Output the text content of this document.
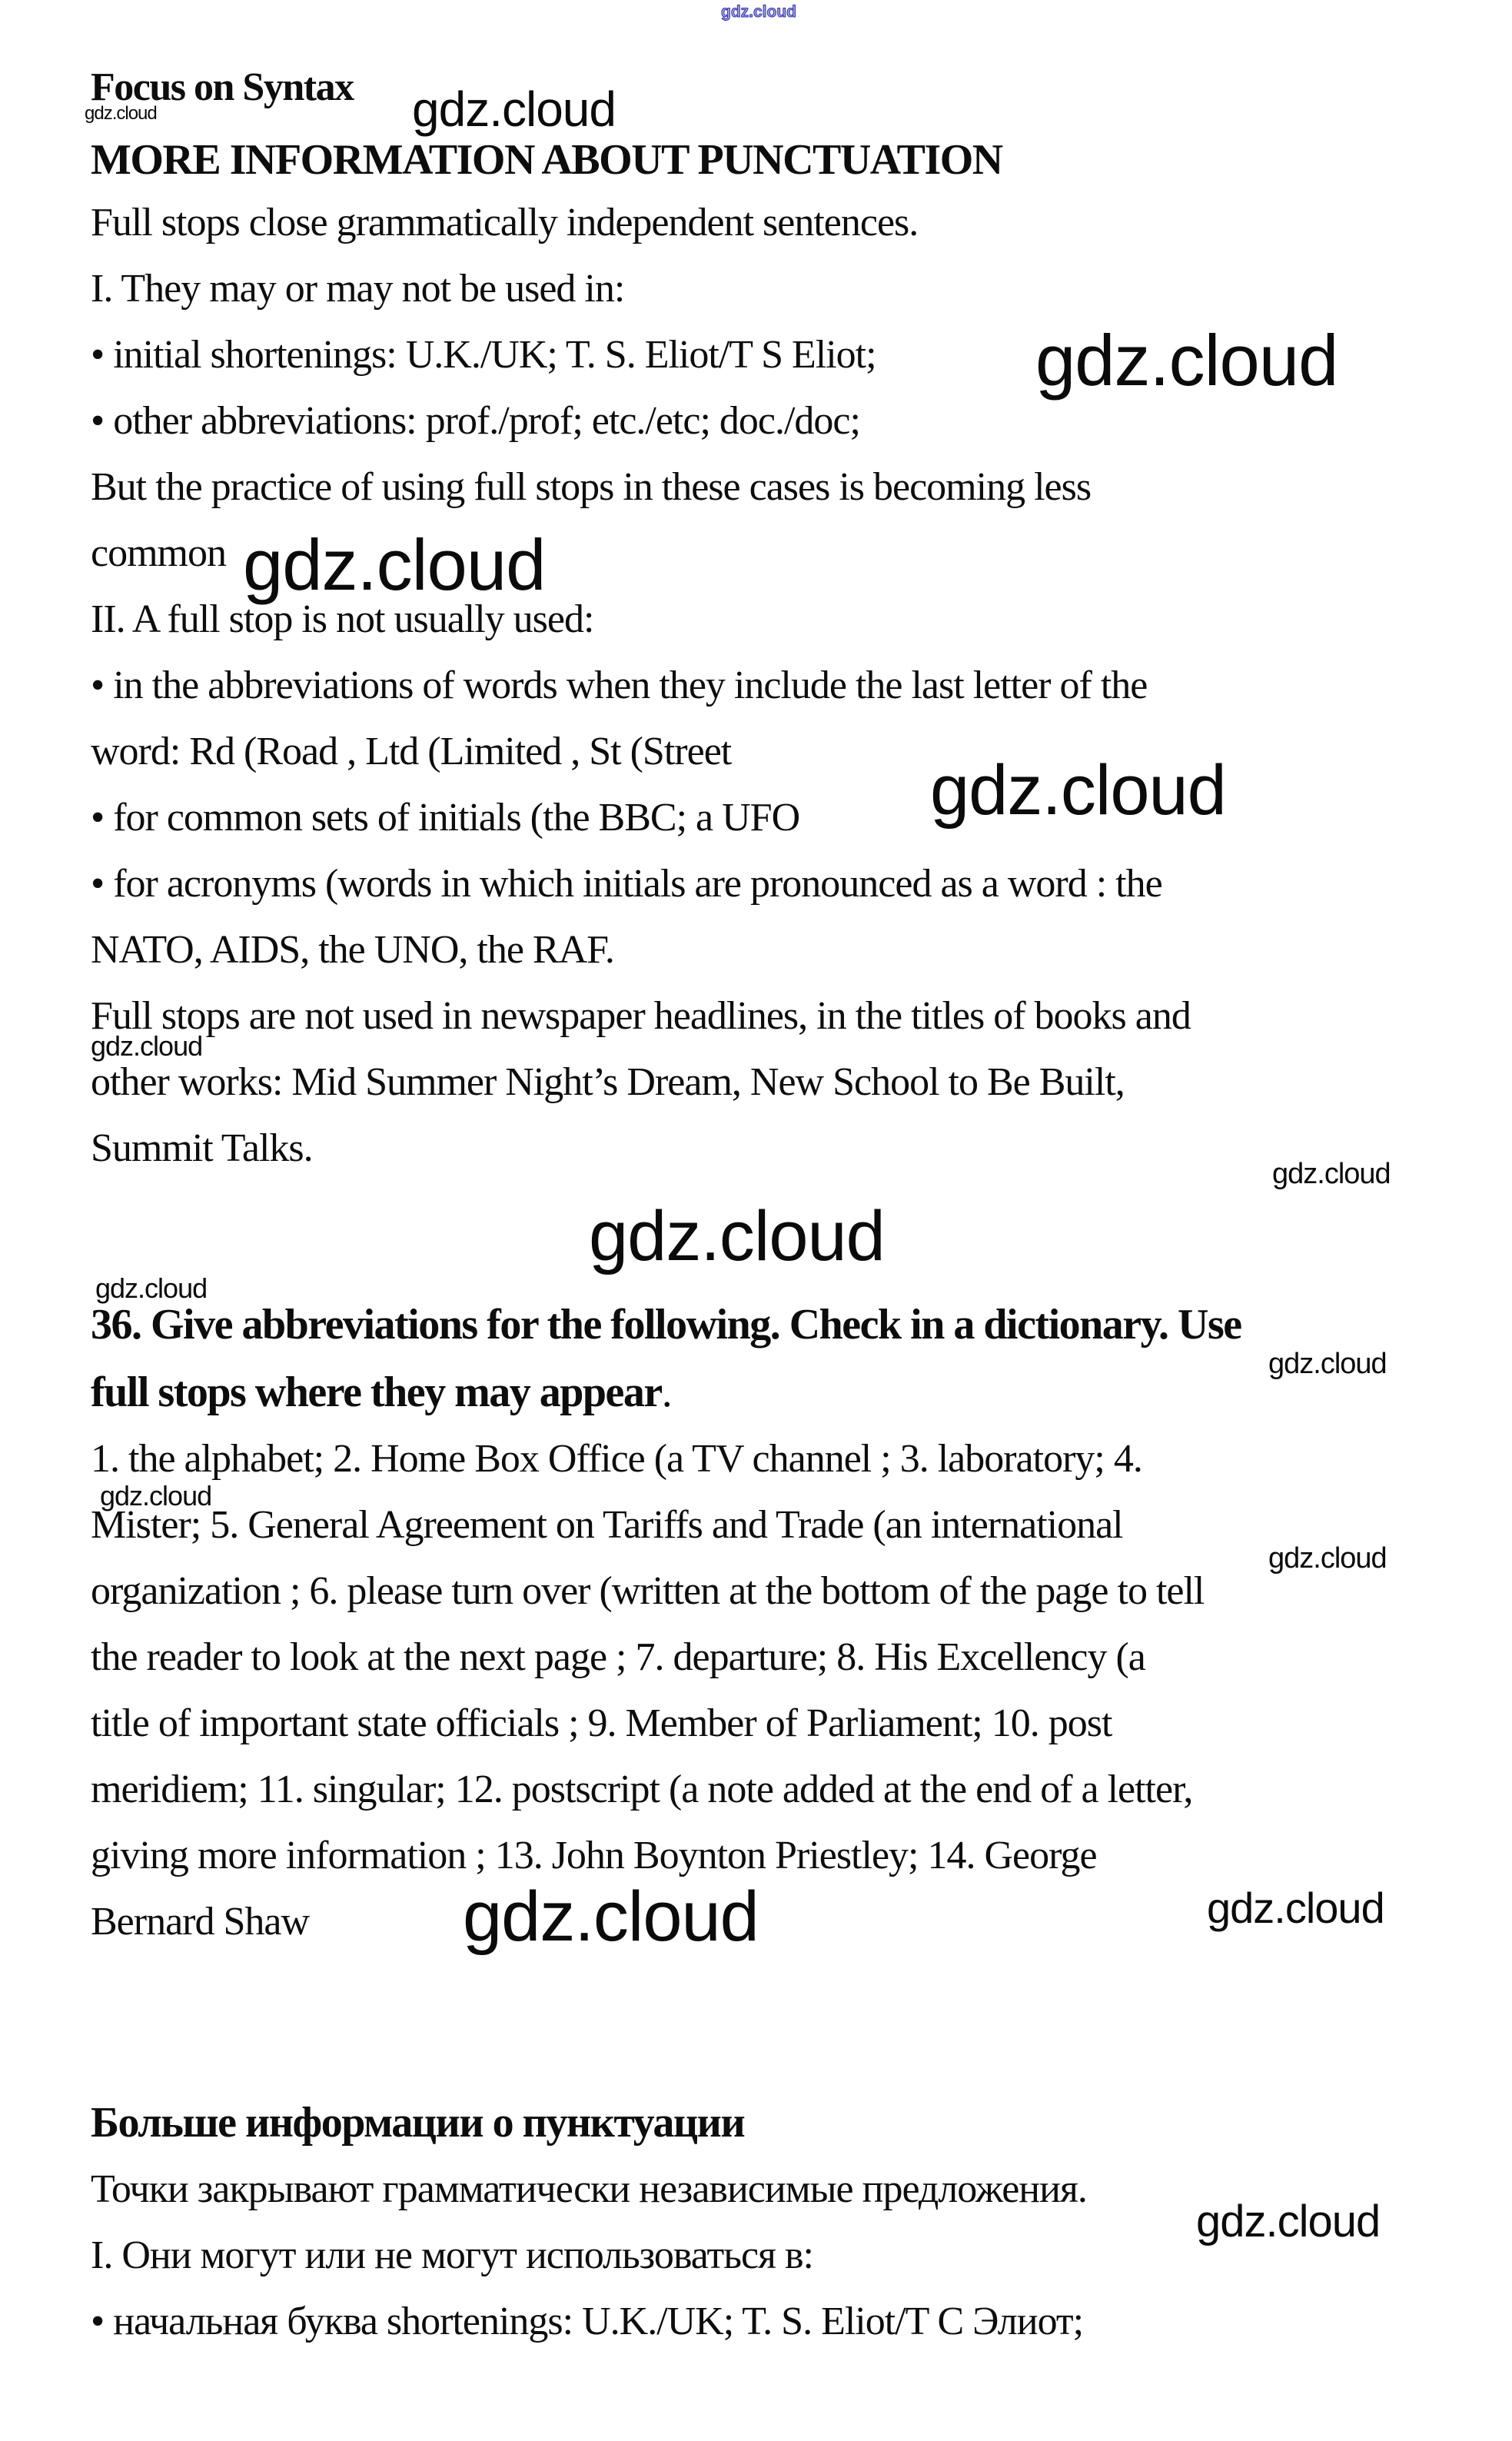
gdz.cloud
gdz.cloud
gdz.cloud
gdz.cloud
gdz.cloud
gdz.cloud
gdz.cloud
gdz.cloud
gdz.cloud
gdz.cloud
gdz.cloud
gdz.cloud
gdz.cloud
gdz.cloud	gdz.cloud
gdz.cloud
Focus on Syntax
MORE INFORMATION ABOUT PUNCTUATION
Full stops close grammatically independent sentences.
I. They may or may not be used in:
• initial shortenings: U.K./UK; T. S. Eliot/T S Eliot;
• other abbreviations: prof./prof; etc./etc; doc./doc;
But the practice of using full stops in these cases is becoming less
common
II. A full stop is not usually used:
• in the abbreviations of words when they include the last letter of the
word: Rd (Road , Ltd (Limited , St (Street
• for common sets of initials (the BBC; a UFO
• for acronyms (words in which initials are pronounced as a word : the
NATO, AIDS, the UNO, the RAF.
Full stops are not used in newspaper headlines, in the titles of books and
other works: Mid Summer Night’s Dream, New School to Be Built,
Summit Talks.
36. Give abbreviations for the following. Check in a dictionary. Use
full stops where they may appear.
1. the alphabet; 2. Home Box Office (a TV channel ; 3. laboratory; 4.
Mister; 5. General Agreement on Tariffs and Trade (an international
organization ; 6. please turn over (written at the bottom of the page to tell
the reader to look at the next page ; 7. departure; 8. His Excellency (a
title of important state officials ; 9. Member of Parliament; 10. post
meridiem; 11. singular; 12. postscript (a note added at the end of a letter,
giving more information ; 13. John Boynton Priestley; 14. George
Bernard Shaw
Больше информации о пунктуации
Точки закрывают грамматически независимые предложения.
I. Они могут или не могут использоваться в:
• начальная буква shortenings: U.K./UK; T. S. Eliot/T С Элиот;
